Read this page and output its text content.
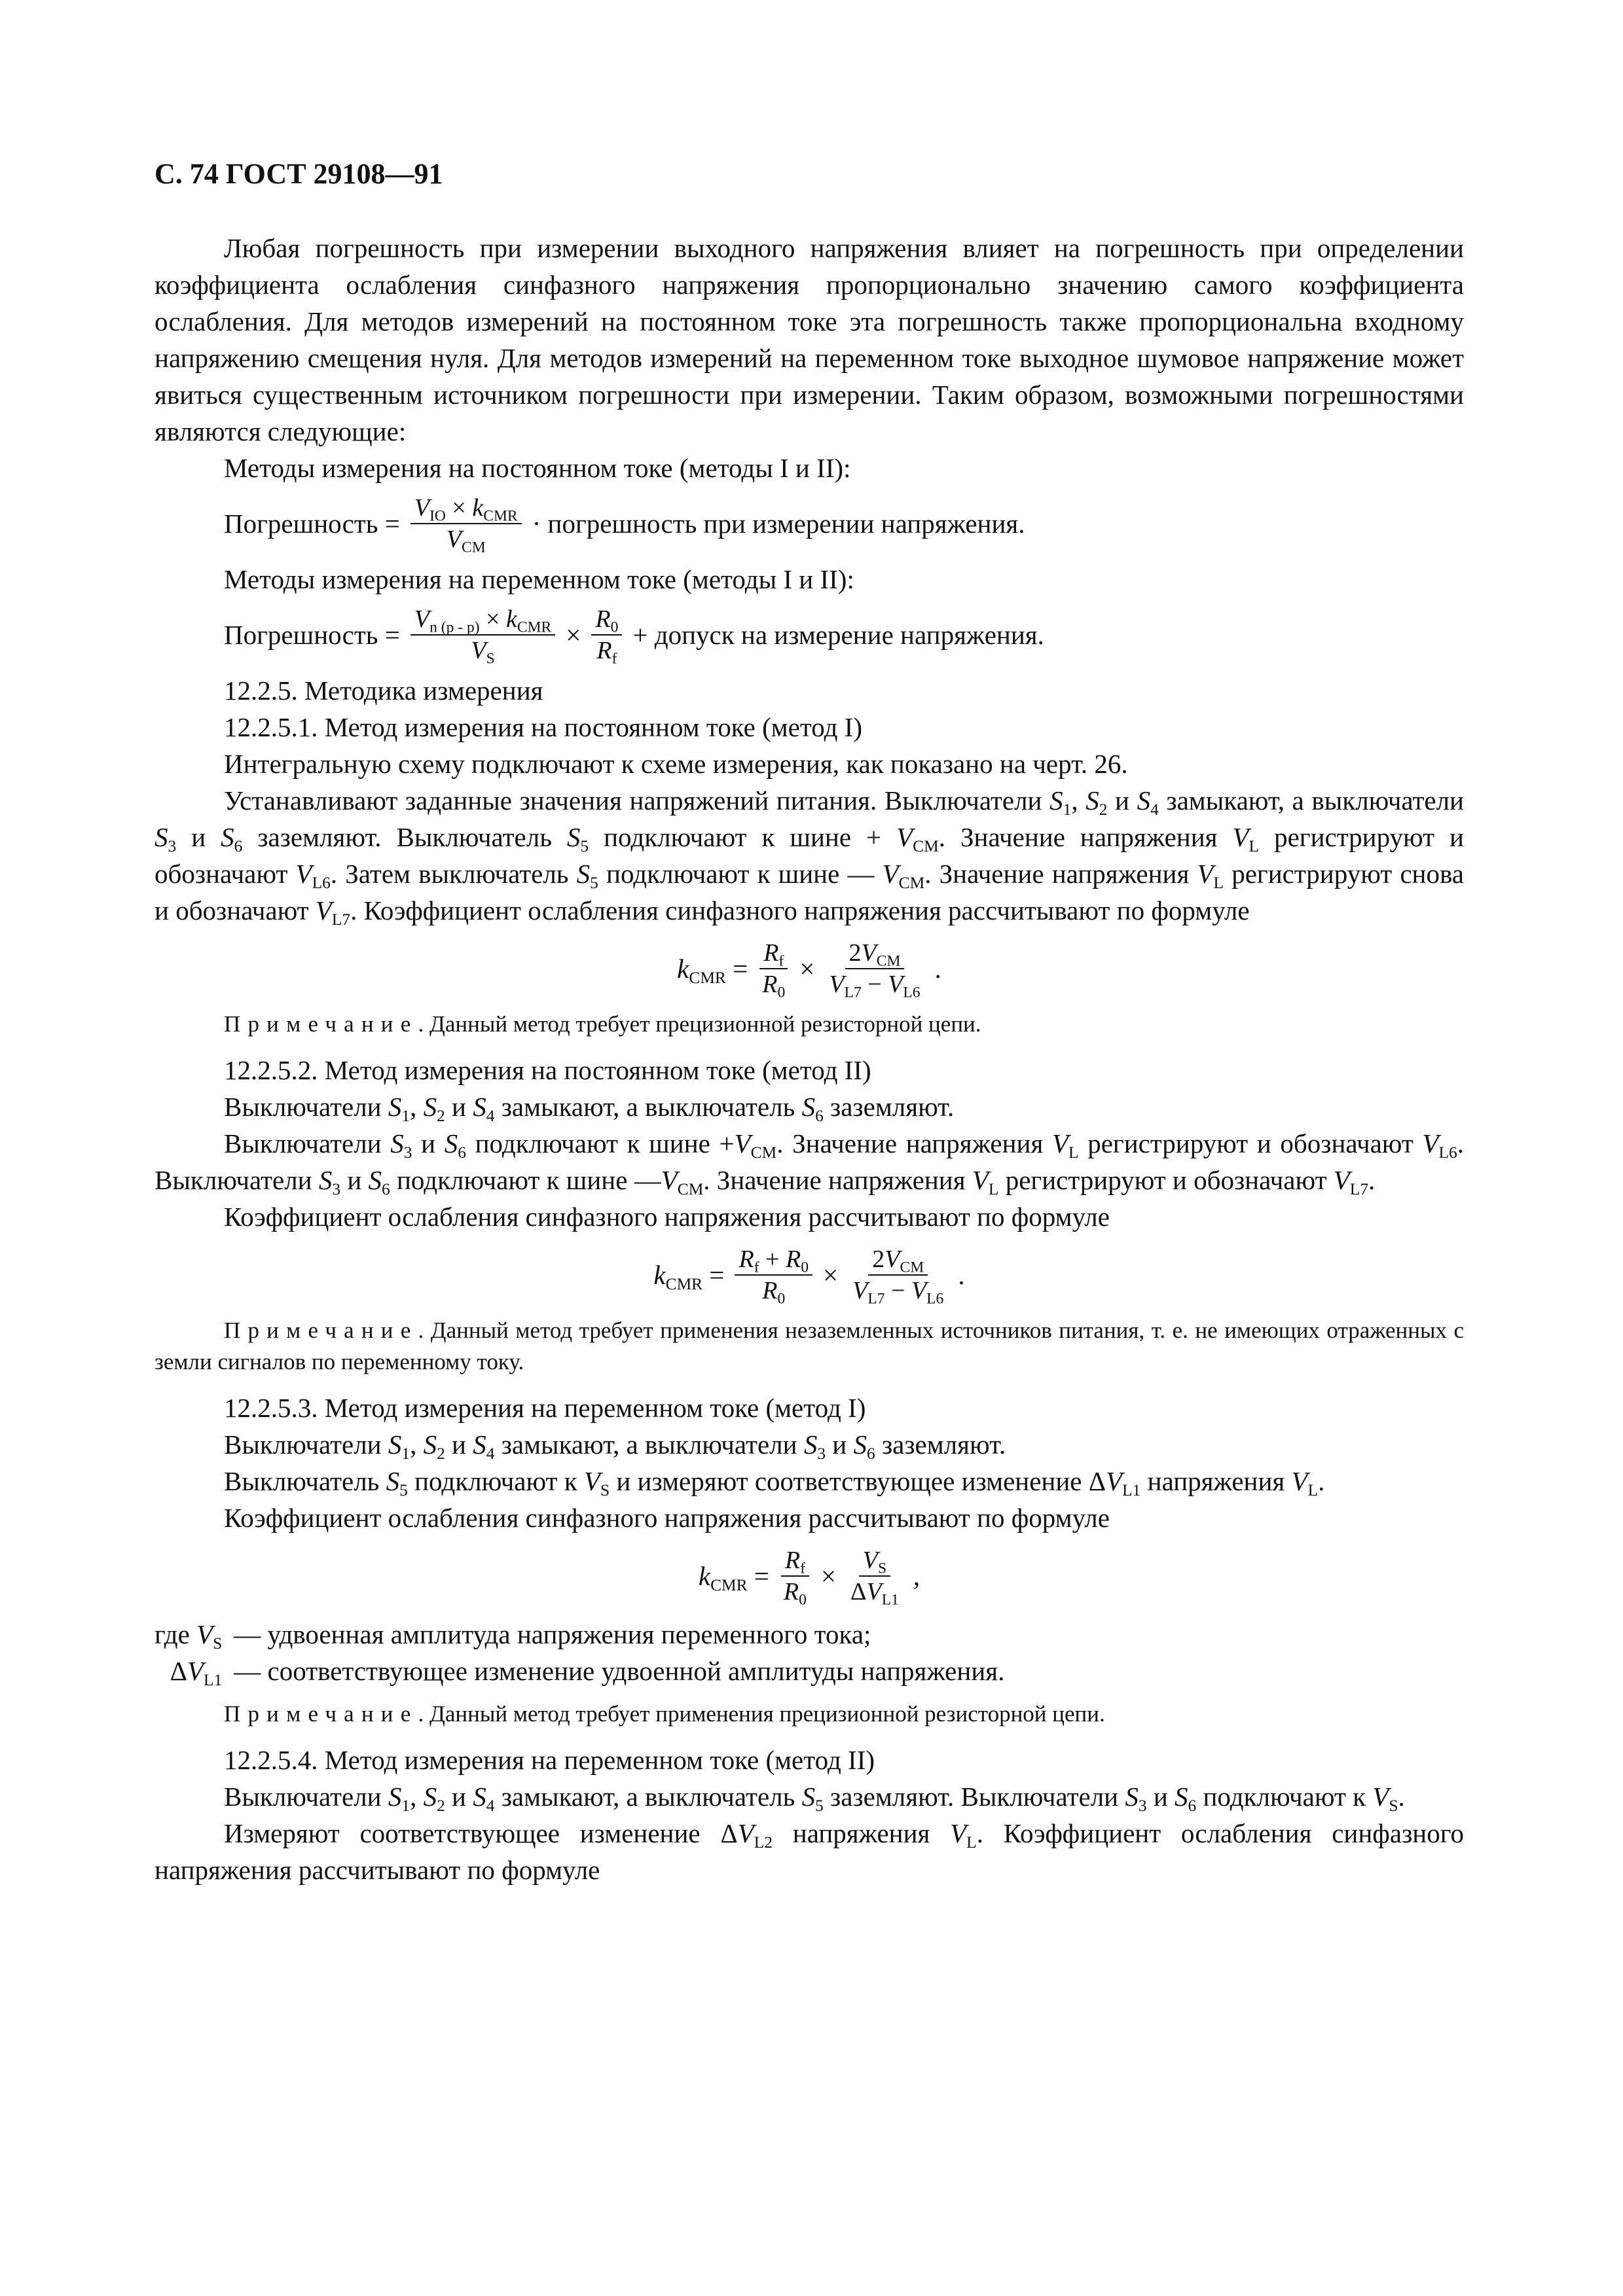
С. 74 ГОСТ 29108—91

Любая погрешность при измерении выходного напряжения влияет на погрешность при определении коэффициента ослабления синфазного напряжения пропорционально значению самого коэффициента ослабления. Для методов измерений на постоянном токе эта погрешность также пропорциональна входному напряжению смещения нуля. Для методов измерений на переменном токе выходное шумовое напряжение может явиться существенным источником погрешности при измерении. Таким образом, возможными погрешностями являются следующие:

Методы измерения на постоянном токе (методы I и II):

Погрешность = $\frac{V_{IO} \times k_{CMR}}{V_{CM}}$ · погрешность при измерении напряжения.

Методы измерения на переменном токе (методы I и II):

Погрешность = $\frac{V_{n (p - p)} \times k_{CMR}}{V_S} \times \frac{R_0}{R_f}$ + допуск на измерение напряжения.

12.2.5. Методика измерения

12.2.5.1. Метод измерения на постоянном токе (метод I)

Интегральную схему подключают к схеме измерения, как показано на черт. 26.

Устанавливают заданные значения напряжений питания. Выключатели $S_1$, $S_2$ и $S_4$ замыкают, а выключатели $S_3$ и $S_6$ заземляют. Выключатель $S_5$ подключают к шине + $V_{CM}$. Значение напряжения $V_L$ регистрируют и обозначают $V_{L6}$. Затем выключатель $S_5$ подключают к шине — $V_{CM}$. Значение напряжения $V_L$ регистрируют снова и обозначают $V_{L7}$. Коэффициент ослабления синфазного напряжения рассчитывают по формуле

$k_{CMR} = \frac{R_f}{R_0} \times \frac{2V_{CM}}{V_{L7} - V_{L6}}$ .

Примечание. Данный метод требует прецизионной резисторной цепи.

12.2.5.2. Метод измерения на постоянном токе (метод II)

Выключатели $S_1$, $S_2$ и $S_4$ замыкают, а выключатель $S_6$ заземляют.

Выключатели $S_3$ и $S_6$ подключают к шине $+V_{CM}$. Значение напряжения $V_L$ регистрируют и обозначают $V_{L6}$. Выключатели $S_3$ и $S_6$ подключают к шине $—V_{CM}$. Значение напряжения $V_L$ регистрируют и обозначают $V_{L7}$.

Коэффициент ослабления синфазного напряжения рассчитывают по формуле

$k_{CMR} = \frac{R_f + R_0}{R_0} \times \frac{2V_{CM}}{V_{L7} - V_{L6}}$ .

Примечание. Данный метод требует применения незаземленных источников питания, т. е. не имеющих отраженных с земли сигналов по переменному току.

12.2.5.3. Метод измерения на переменном токе (метод I)

Выключатели $S_1$, $S_2$ и $S_4$ замыкают, а выключатели $S_3$ и $S_6$ заземляют.

Выключатель $S_5$ подключают к $V_S$ и измеряют соответствующее изменение $\Delta V_{L1}$ напряжения $V_L$.

Коэффициент ослабления синфазного напряжения рассчитывают по формуле

$k_{CMR} = \frac{R_f}{R_0} \times \frac{V_S}{\Delta V_{L1}}$ ,
где $V_S$ — удвоенная амплитуда напряжения переменного тока;
$\Delta V_{L1}$ — соответствующее изменение удвоенной амплитуды напряжения.

Примечание. Данный метод требует применения прецизионной резисторной цепи.

12.2.5.4. Метод измерения на переменном токе (метод II)

Выключатели $S_1$, $S_2$ и $S_4$ замыкают, а выключатель $S_5$ заземляют. Выключатели $S_3$ и $S_6$ подключают к $V_S$.

Измеряют соответствующее изменение $\Delta V_{L2}$ напряжения $V_L$. Коэффициент ослабления синфазного напряжения рассчитывают по формуле
